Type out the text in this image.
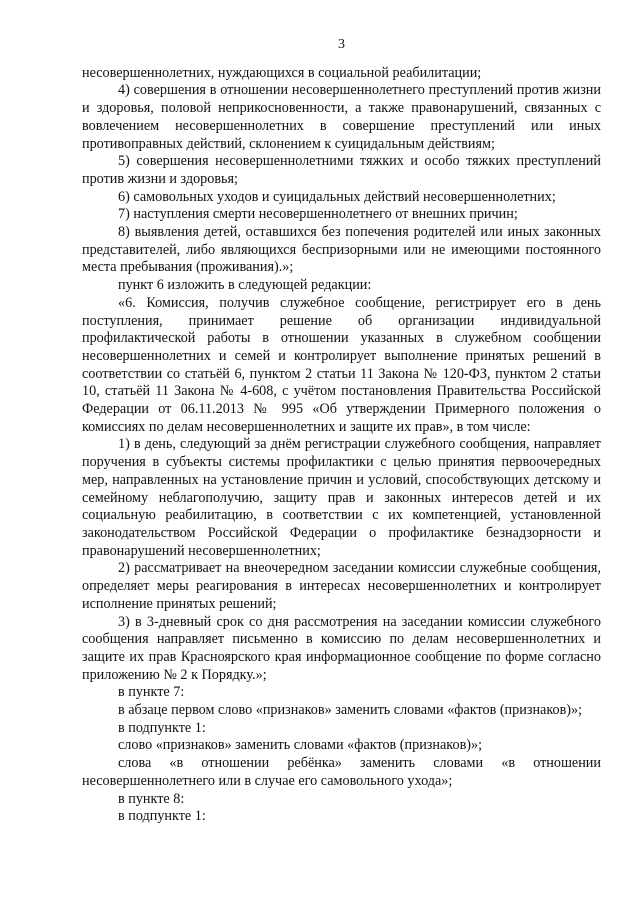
3

несовершеннолетних, нуждающихся в социальной реабилитации;

4) совершения в отношении несовершеннолетнего преступлений против жизни и здоровья, половой неприкосновенности, а также правонарушений, связанных с вовлечением несовершеннолетних в совершение преступлений или иных противоправных действий, склонением к суицидальным действиям;

5) совершения несовершеннолетними тяжких и особо тяжких преступлений против жизни и здоровья;

6) самовольных уходов и суицидальных действий несовершеннолетних;

7) наступления смерти несовершеннолетнего от внешних причин;

8) выявления детей, оставшихся без попечения родителей или иных законных представителей, либо являющихся беспризорными или не имеющими постоянного места пребывания (проживания).»;

пункт 6 изложить в следующей редакции:

«6. Комиссия, получив служебное сообщение, регистрирует его в день поступления, принимает решение об организации индивидуальной профилактической работы в отношении указанных в служебном сообщении несовершеннолетних и семей и контролирует выполнение принятых решений в соответствии со статьёй 6, пунктом 2 статьи 11 Закона № 120-ФЗ, пунктом 2 статьи 10, статьёй 11 Закона № 4-608, с учётом постановления Правительства Российской Федерации от 06.11.2013 № 995 «Об утверждении Примерного положения о комиссиях по делам несовершеннолетних и защите их прав», в том числе:

1) в день, следующий за днём регистрации служебного сообщения, направляет поручения в субъекты системы профилактики с целью принятия первоочередных мер, направленных на установление причин и условий, способствующих детскому и семейному неблагополучию, защиту прав и законных интересов детей и их социальную реабилитацию, в соответствии с их компетенцией, установленной законодательством Российской Федерации о профилактике безнадзорности и правонарушений несовершеннолетних;

2) рассматривает на внеочередном заседании комиссии служебные сообщения, определяет меры реагирования в интересах несовершеннолетних и контролирует исполнение принятых решений;

3) в 3-дневный срок со дня рассмотрения на заседании комиссии служебного сообщения направляет письменно в комиссию по делам несовершеннолетних и защите их прав Красноярского края информационное сообщение по форме согласно приложению № 2 к Порядку.»;

в пункте 7:

в абзаце первом слово «признаков» заменить словами «фактов (признаков)»;

в подпункте 1:

слово «признаков» заменить словами «фактов (признаков)»;

слова «в отношении ребёнка» заменить словами «в отношении несовершеннолетнего или в случае его самовольного ухода»;

в пункте 8:

в подпункте 1:
